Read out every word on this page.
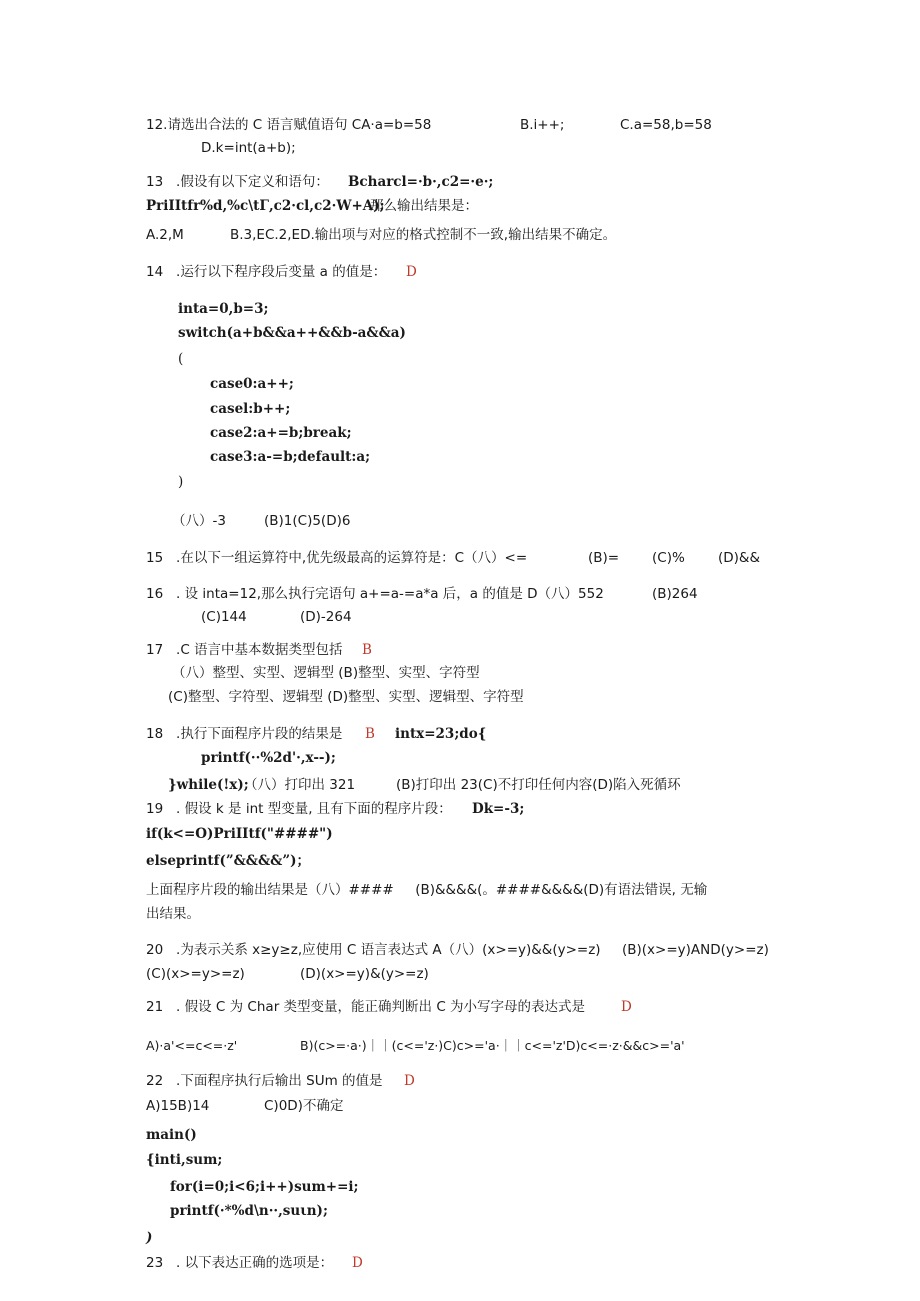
12.请选出合法的 C 语言赋值语句 CA·a=b=58	B.i++;	C.a=58,b=58
D.k=int(a+b);
13   .假设有以下定义和语句： Bcharcl=·b·,c2=·e·;
PriIItfr%d,%c\tΓ,c2·cl,c2·W+A);
那么输出结果是：
A.2,M	B.3,EC.2,ED.输出项与对应的格式控制不一致,输出结果不确定。
14   .运行以下程序段后变量 a 的值是： D
inta=0,b=3;
switch(a+b&&a++&&b-a&&a)
(
case0:a++;
casel:b++;
case2:a+=b;break;
case3:a-=b;default:a;
)
（八）-3	(B)1(C)5(D)6
15   .在以下一组运算符中,优先级最高的运算符是：C（八）<=	(B)= (C)% (D)&&
16   . 设 inta=12,那么执行完语句 a+=a-=a*a 后，a 的值是 D（八）552	(B)264
(C)144	(D)-264
17   .C 语言中基本数据类型包括 B
（八）整型、实型、逻辑型 (B)整型、实型、字符型
(C)整型、字符型、逻辑型 (D)整型、实型、逻辑型、字符型
18   .执行下面程序片段的结果是 B intx=23;do{
printf(··%2d'·,x--);
}while(!x);
（八）打印出 321	(B)打印出 23(C)不打印任何内容(D)陷入死循环
19   . 假设 k 是 int 型变量, 且有下面的程序片段： Dk=-3;
if(k<=O)PriIItf("####")
elseprintf(”&&&&”)；
上面程序片段的输出结果是（八）####     (B)&&&&(。####&&&&(D)有语法错误, 无输
出结果。
20   .为表示关系 x≥y≥z,应使用 C 语言表达式 A（八）(x>=y)&&(y>=z) (B)(x>=y)AND(y>=z)
(C)(x>=y>=z)	(D)(x>=y)&(y>=z)
21   . 假设 C 为 Char 类型变量，能正确判断出 C 为小写字母的表达式是	D
A)·a'<=c<=·z'	B)(c>=·a·)｜｜(c<='z·)C)c>='a·｜｜c<='z'D)c<=·z·&&c>='a'
22   .下面程序执行后输出 SUm 的值是 D
A)15B)14	C)0D)不确定
main()
{inti,sum;
for(i=0;i<6;i++)sum+=i;
printf(·*%d\n··,suιn);
)
23   . 以下表达正确的选项是： D
